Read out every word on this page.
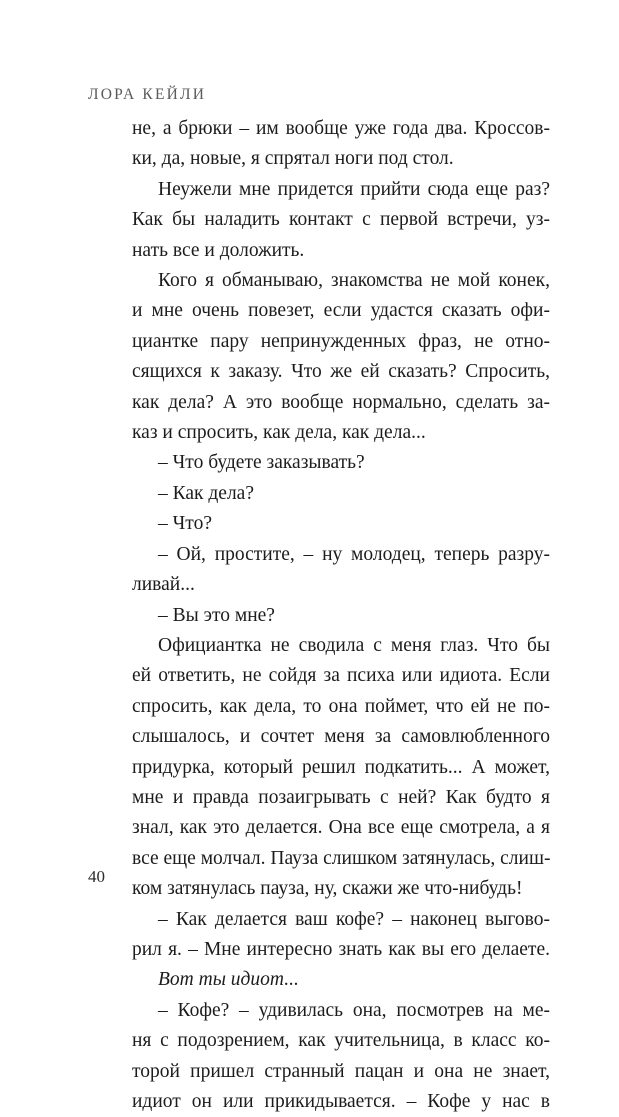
ЛОРА КЕЙЛИ
не, а брюки – им вообще уже года два. Кроссов-
ки, да, новые, я спрятал ноги под стол.
Неужели мне придется прийти сюда еще раз?
Как бы наладить контакт с первой встречи, уз-
нать все и доложить.
Кого я обманываю, знакомства не мой конек,
и мне очень повезет, если удастся сказать офи-
циантке пару непринужденных фраз, не отно-
сящихся к заказу. Что же ей сказать? Спросить,
как дела? А это вообще нормально, сделать за-
каз и спросить, как дела, как дела...
– Что будете заказывать?
– Как дела?
– Что?
– Ой, простите, – ну молодец, теперь разру-
ливай...
– Вы это мне?
Официантка не сводила с меня глаз. Что бы
ей ответить, не сойдя за психа или идиота. Если
спросить, как дела, то она поймет, что ей не по-
слышалось, и сочтет меня за самовлюбленного
придурка, который решил подкатить... А может,
мне и правда позаигрывать с ней? Как будто я
знал, как это делается. Она все еще смотрела, а я
все еще молчал. Пауза слишком затянулась, слиш-
ком затянулась пауза, ну, скажи же что-нибудь!
– Как делается ваш кофе? – наконец выгово-
рил я. – Мне интересно знать как вы его делаете.
Вот ты идиот...
– Кофе? – удивилась она, посмотрев на ме-
ня с подозрением, как учительница, в класс ко-
торой пришел странный пацан и она не знает,
идиот он или прикидывается. – Кофе у нас в
40
